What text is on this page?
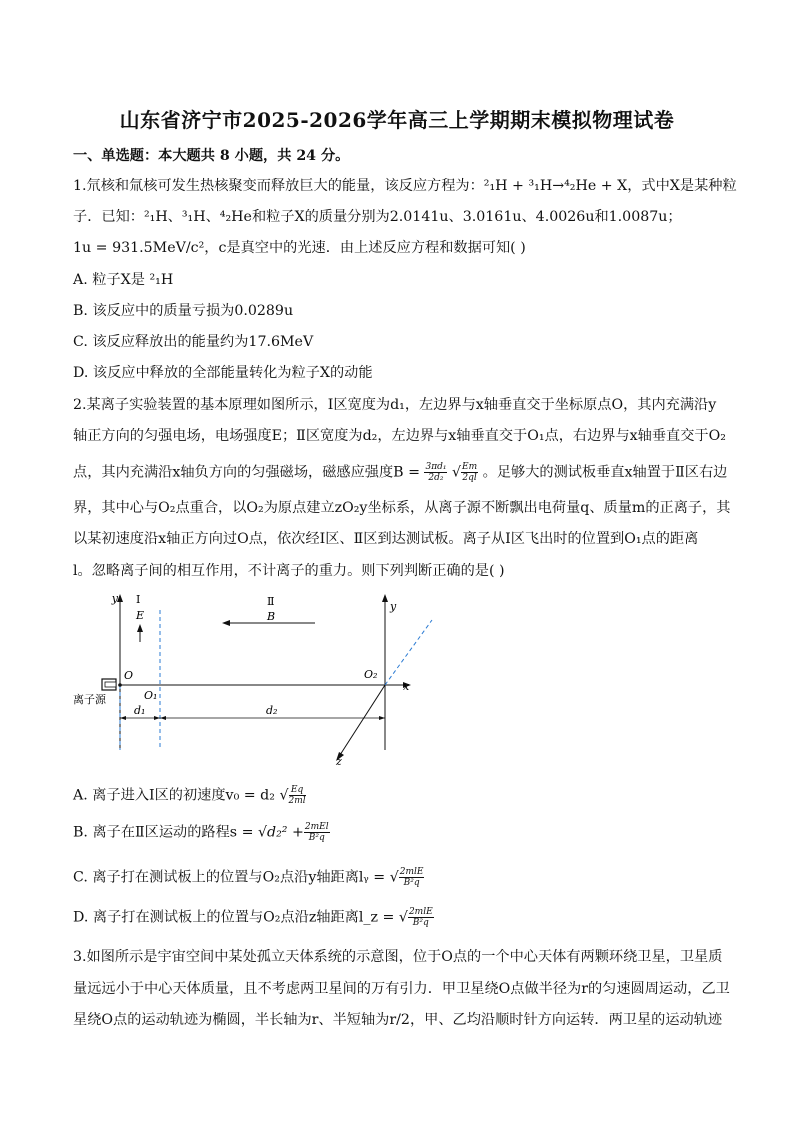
山东省济宁市2025-2026学年高三上学期期末模拟物理试卷
一、单选题：本大题共 8 小题，共 24 分。
1.氘核和氚核可发生热核聚变而释放巨大的能量，该反应方程为：²₁H + ³₁H→⁴₂He + X，式中X是某种粒
子．已知：²₁H、³₁H、⁴₂He和粒子X的质量分别为2.0141u、3.0161u、4.0026u和1.0087u；
1u = 931.5MeV/c²，c是真空中的光速．由上述反应方程和数据可知( )
A. 粒子X是 ²₁H
B. 该反应中的质量亏损为0.0289u
C. 该反应释放出的能量约为17.6MeV
D. 该反应中释放的全部能量转化为粒子X的动能
2.某离子实验装置的基本原理如图所示，Ⅰ区宽度为d₁，左边界与x轴垂直交于坐标原点O，其内充满沿y
轴正方向的匀强电场，电场强度E；Ⅱ区宽度为d₂，左边界与x轴垂直交于O₁点，右边界与x轴垂直交于O₂
点，其内充满沿x轴负方向的匀强磁场，磁感应强度$B = \frac{\text{3πd₁}}{\text{2d₂}}$ √ $\frac{Em}{2ql}$ 。足够大的测试板垂直x轴置于Ⅱ区右边
界，其中心与O₂点重合，以O₂为原点建立zO₂y坐标系，从离子源不断飘出电荷量q、质量m的正离子，其
以某初速度沿x轴正方向过O点，依次经Ⅰ区、Ⅱ区到达测试板。离子从Ⅰ区飞出时的位置到O₁点的距离
l。忽略离子间的相互作用，不计离子的重力。则下列判断正确的是( )
y Ⅰ
E
Ⅱ
B
y
O
O₁
O₂
x
离子源
d₁	d₂
z
A. 离子进入Ⅰ区的初速度v₀ = d₂ √ $\frac{Eq}{2ml}$
B. 离子在Ⅱ区运动的路程$s = √d_2^2 + \frac{\text{2mEl}}{\text{B²q}}$
C. 离子打在测试板上的位置与O₂点沿y轴距离lᵧ = √ $\frac{\text{2mlE}}{\text{B²q}}$
D. 离子打在测试板上的位置与O₂点沿z轴距离l_z = √ $\frac{\text{2mlE}}{\text{B²q}}$
3.如图所示是宇宙空间中某处孤立天体系统的示意图，位于O点的一个中心天体有两颗环绕卫星，卫星质
量远远小于中心天体质量，且不考虑两卫星间的万有引力．甲卫星绕O点做半径为r的匀速圆周运动，乙卫
星绕O点的运动轨迹为椭圆，半长轴为r、半短轴为r/2，甲、乙均沿顺时针方向运转．两卫星的运动轨迹
